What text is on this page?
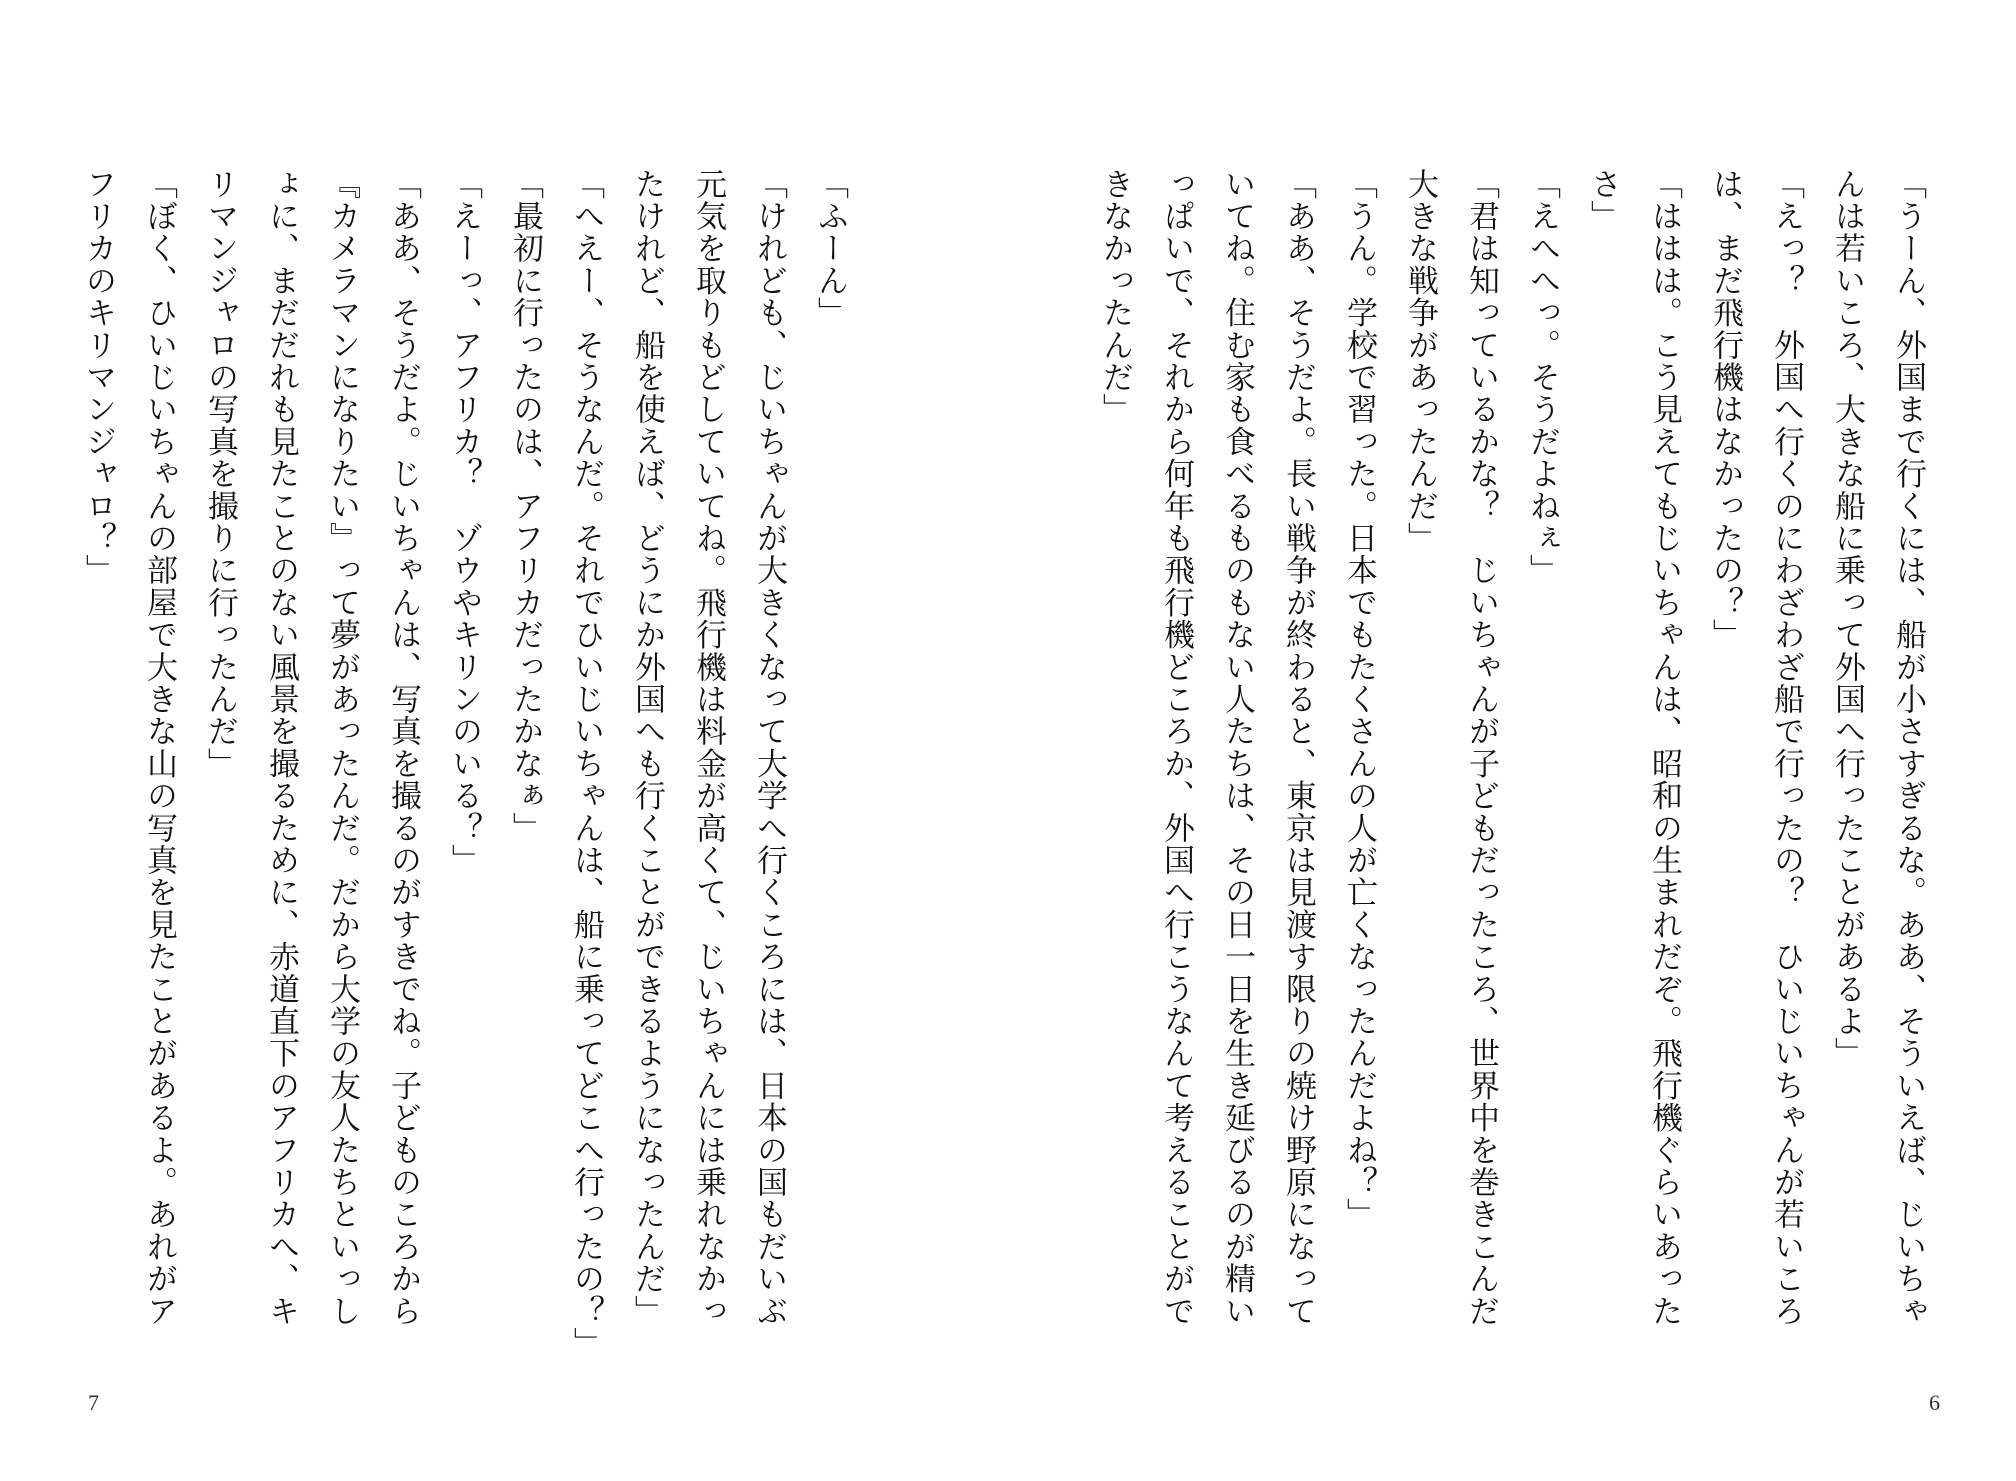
「うーん、外国まで行くには、船が小さすぎるな。ああ、そういえば、じいちゃんは若いころ、大きな船に乗って外国へ行ったことがあるよ」

「えっ？　外国へ行くのにわざわざ船で行ったの？　ひいじいちゃんが若いころは、まだ飛行機はなかったの？」

「ははは。こう見えてもじいちゃんは、昭和の生まれだぞ。飛行機ぐらいあったさ」

「えへへっ。そうだよねぇ」

「君は知っているかな？　じいちゃんが子どもだったころ、世界中を巻きこんだ大きな戦争があったんだ」

「うん。学校で習った。日本でもたくさんの人が亡くなったんだよね？」

「ああ、そうだよ。長い戦争が終わると、東京は見渡す限りの焼け野原になっていてね。住む家も食べるものもない人たちは、その日一日を生き延びるのが精いっぱいで、それから何年も飛行機どころか、外国へ行こうなんて考えることができなかったんだ」

6

「ふーん」

「けれども、じいちゃんが大きくなって大学へ行くころには、日本の国もだいぶ元気を取りもどしていてね。飛行機は料金が高くて、じいちゃんには乗れなかったけれど、船を使えば、どうにか外国へも行くことができるようになったんだ」

「へえー、そうなんだ。それでひいじいちゃんは、船に乗ってどこへ行ったの？」

「最初に行ったのは、アフリカだったかなぁ」

「えーっ、アフリカ？　ゾウやキリンのいる？」

「ああ、そうだよ。じいちゃんは、写真を撮るのがすきでね。子どものころから『カメラマンになりたい』って夢があったんだ。だから大学の友人たちといっしょに、まだだれも見たことのない風景を撮るために、赤道直下のアフリカへ、キリマンジャロの写真を撮りに行ったんだ」

「ぼく、ひいじいちゃんの部屋で大きな山の写真を見たことがあるよ。あれがアフリカのキリマンジャロ？」

7
